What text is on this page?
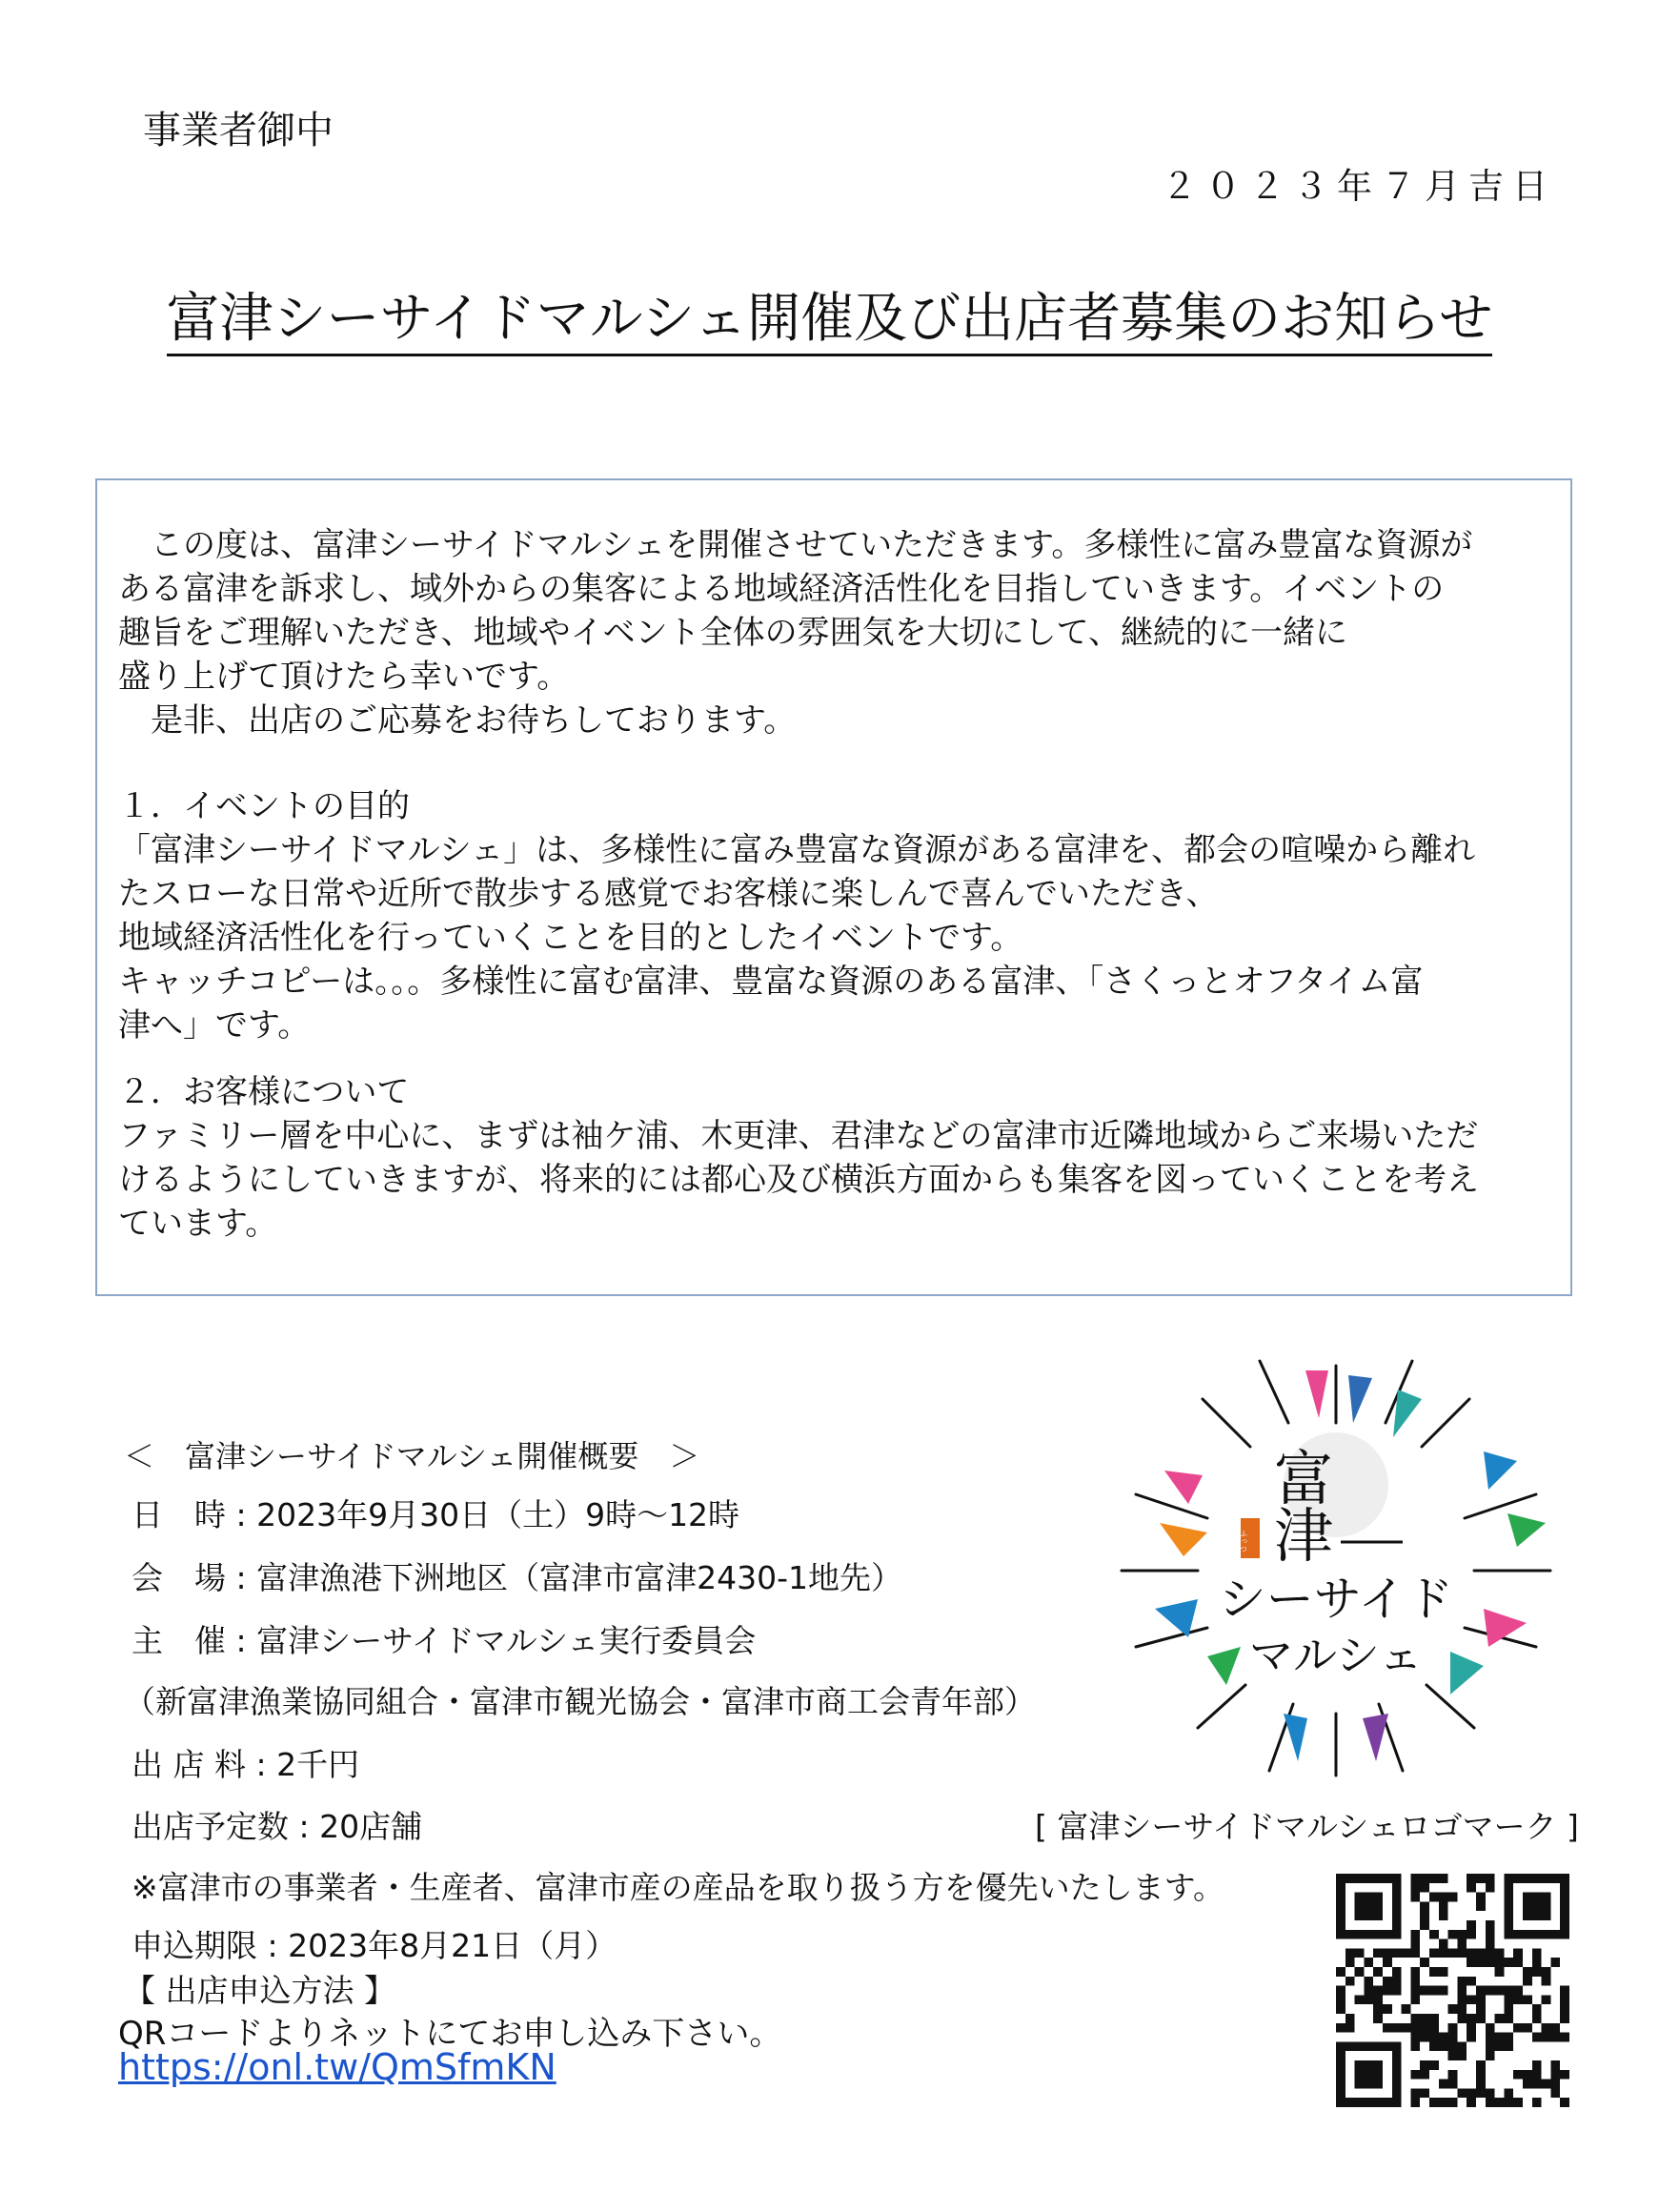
事業者御中
２０２３年７月吉日
富津シーサイドマルシェ開催及び出店者募集のお知らせ
　この度は、富津シーサイドマルシェを開催させていただきます。多様性に富み豊富な資源が
ある富津を訴求し、域外からの集客による地域経済活性化を目指していきます。イベントの
趣旨をご理解いただき、地域やイベント全体の雰囲気を大切にして、継続的に一緒に
盛り上げて頂けたら幸いです。
　是非、出店のご応募をお待ちしております。
１．イベントの目的
「富津シーサイドマルシェ」は、多様性に富み豊富な資源がある富津を、都会の喧噪から離れ
たスローな日常や近所で散歩する感覚でお客様に楽しんで喜んでいただき、
地域経済活性化を行っていくことを目的としたイベントです。
キャッチコピーは。。。多様性に富む富津、豊富な資源のある富津、「さくっとオフタイム富
津へ」です。
２．お客様について
ファミリー層を中心に、まずは袖ケ浦、木更津、君津などの富津市近隣地域からご来場いただ
けるようにしていきますが、将来的には都心及び横浜方面からも集客を図っていくことを考え
ています。
＜　富津シーサイドマルシェ開催概要　＞
日　時 : 2023年9月30日（土）9時～12時
会　場 : 富津漁港下洲地区（富津市富津2430-1地先）
主　催 : 富津シーサイドマルシェ実行委員会
（新富津漁業協同組合・富津市観光協会・富津市商工会青年部）
出 店 料 : 2千円
出店予定数 : 20店舗	[ 富津シーサイドマルシェロゴマーク ]
※富津市の事業者・生産者、富津市産の産品を取り扱う方を優先いたします。
申込期限 : 2023年8月21日（月）
【 出店申込方法 】
QRコードよりネットにてお申し込み下さい。
https://onl.tw/QmSfmKN
富
津
ふっつ
シーサイド
マルシェ
